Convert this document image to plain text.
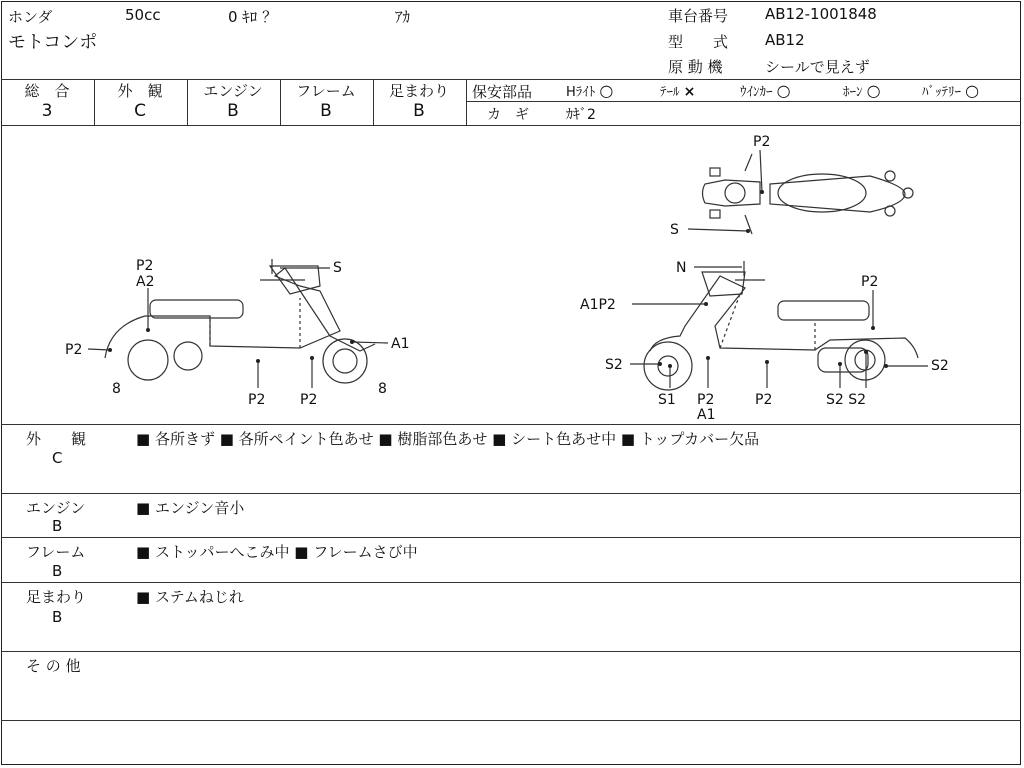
ホンダ	50cc	0 ｷﾛ ？	ｱｶ
モトコンポ
車台番号 AB12-1001848
型　　式 AB12
原 動 機	シールで見えず
総　合
3
外　観
C
エンジン
B
フレーム
B
足まわり
B
保安部品	Hﾗｲﾄ ○	ﾃｰﾙ ×	ｳｲﾝｶｰ ○	ﾎｰﾝ ○	ﾊﾞｯﾃﾘｰ ○
カ　ギ	ｶｷﾞ2
P2
S
P2
A2
S
P2	A1
8	8
P2 P2
N
P2
A1P2
S2	S2
S1 P2
A1
P2	S2 S2
外　　観
C
■ 各所きず ■ 各所ペイント色あせ ■ 樹脂部色あせ ■ シート色あせ中 ■ トップカバー欠品
エンジン
B
■ エンジン音小
フレーム
B
■ ストッパーへこみ中 ■ フレームさび中
足まわり
B
■ ステムねじれ
そ の 他
